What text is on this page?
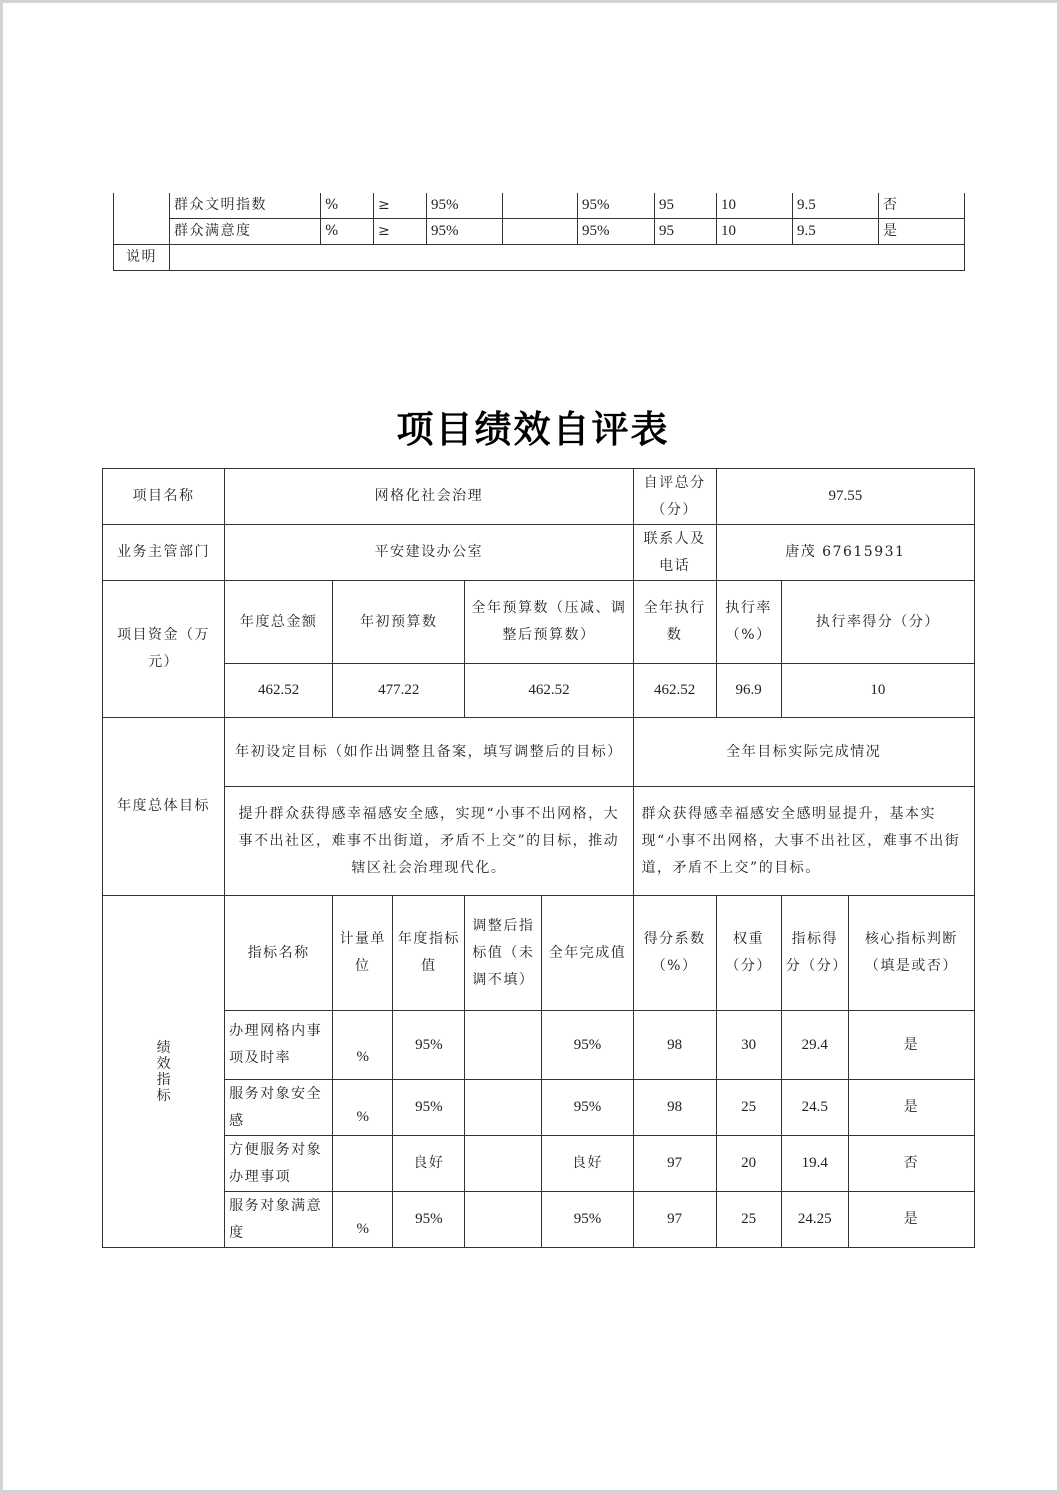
	群众文明指数	%	≥	95%		95%	95	10	9.5	否
	群众满意度	%	≥	95%		95%	95	10	9.5	是
说明										
项目绩效自评表
项目名称	网格化社会治理					自评总分（分）	97.55		
业务主管部门	平安建设办公室					联系人及电话	唐茂 67615931		
项目资金（万元）	年度总金额	年初预算数		全年预算数（压减、调整后预算数）		全年执行数	执行率（%）	执行率得分（分）	
	462.52	477.22		462.52		462.52	96.9	10	
年度总体目标	年初设定目标（如作出调整且备案，填写调整后的目标）					全年目标实际完成情况			
	提升群众获得感幸福感安全感，实现“小事不出网格，大事不出社区，难事不出街道，矛盾不上交”的目标，推动辖区社会治理现代化。					群众获得感幸福感安全感明显提升，基本实现“小事不出网格，大事不出社区，难事不出街道，矛盾不上交”的目标。			

绩效指标	指标名称	计量单位	年度指标值	调整后指标值（未调不填）	全年完成值	得分系数（%）	权重（分）	指标得分（分）	核心指标判断（填是或否）
	办理网格内事项及时率	%	95%		95%	98	30	29.4	是
	服务对象安全感	%	95%		95%	98	25	24.5	是
	方便服务对象办理事项		良好		良好	97	20	19.4	否
	服务对象满意度	%	95%		95%	97	25	24.25	是
